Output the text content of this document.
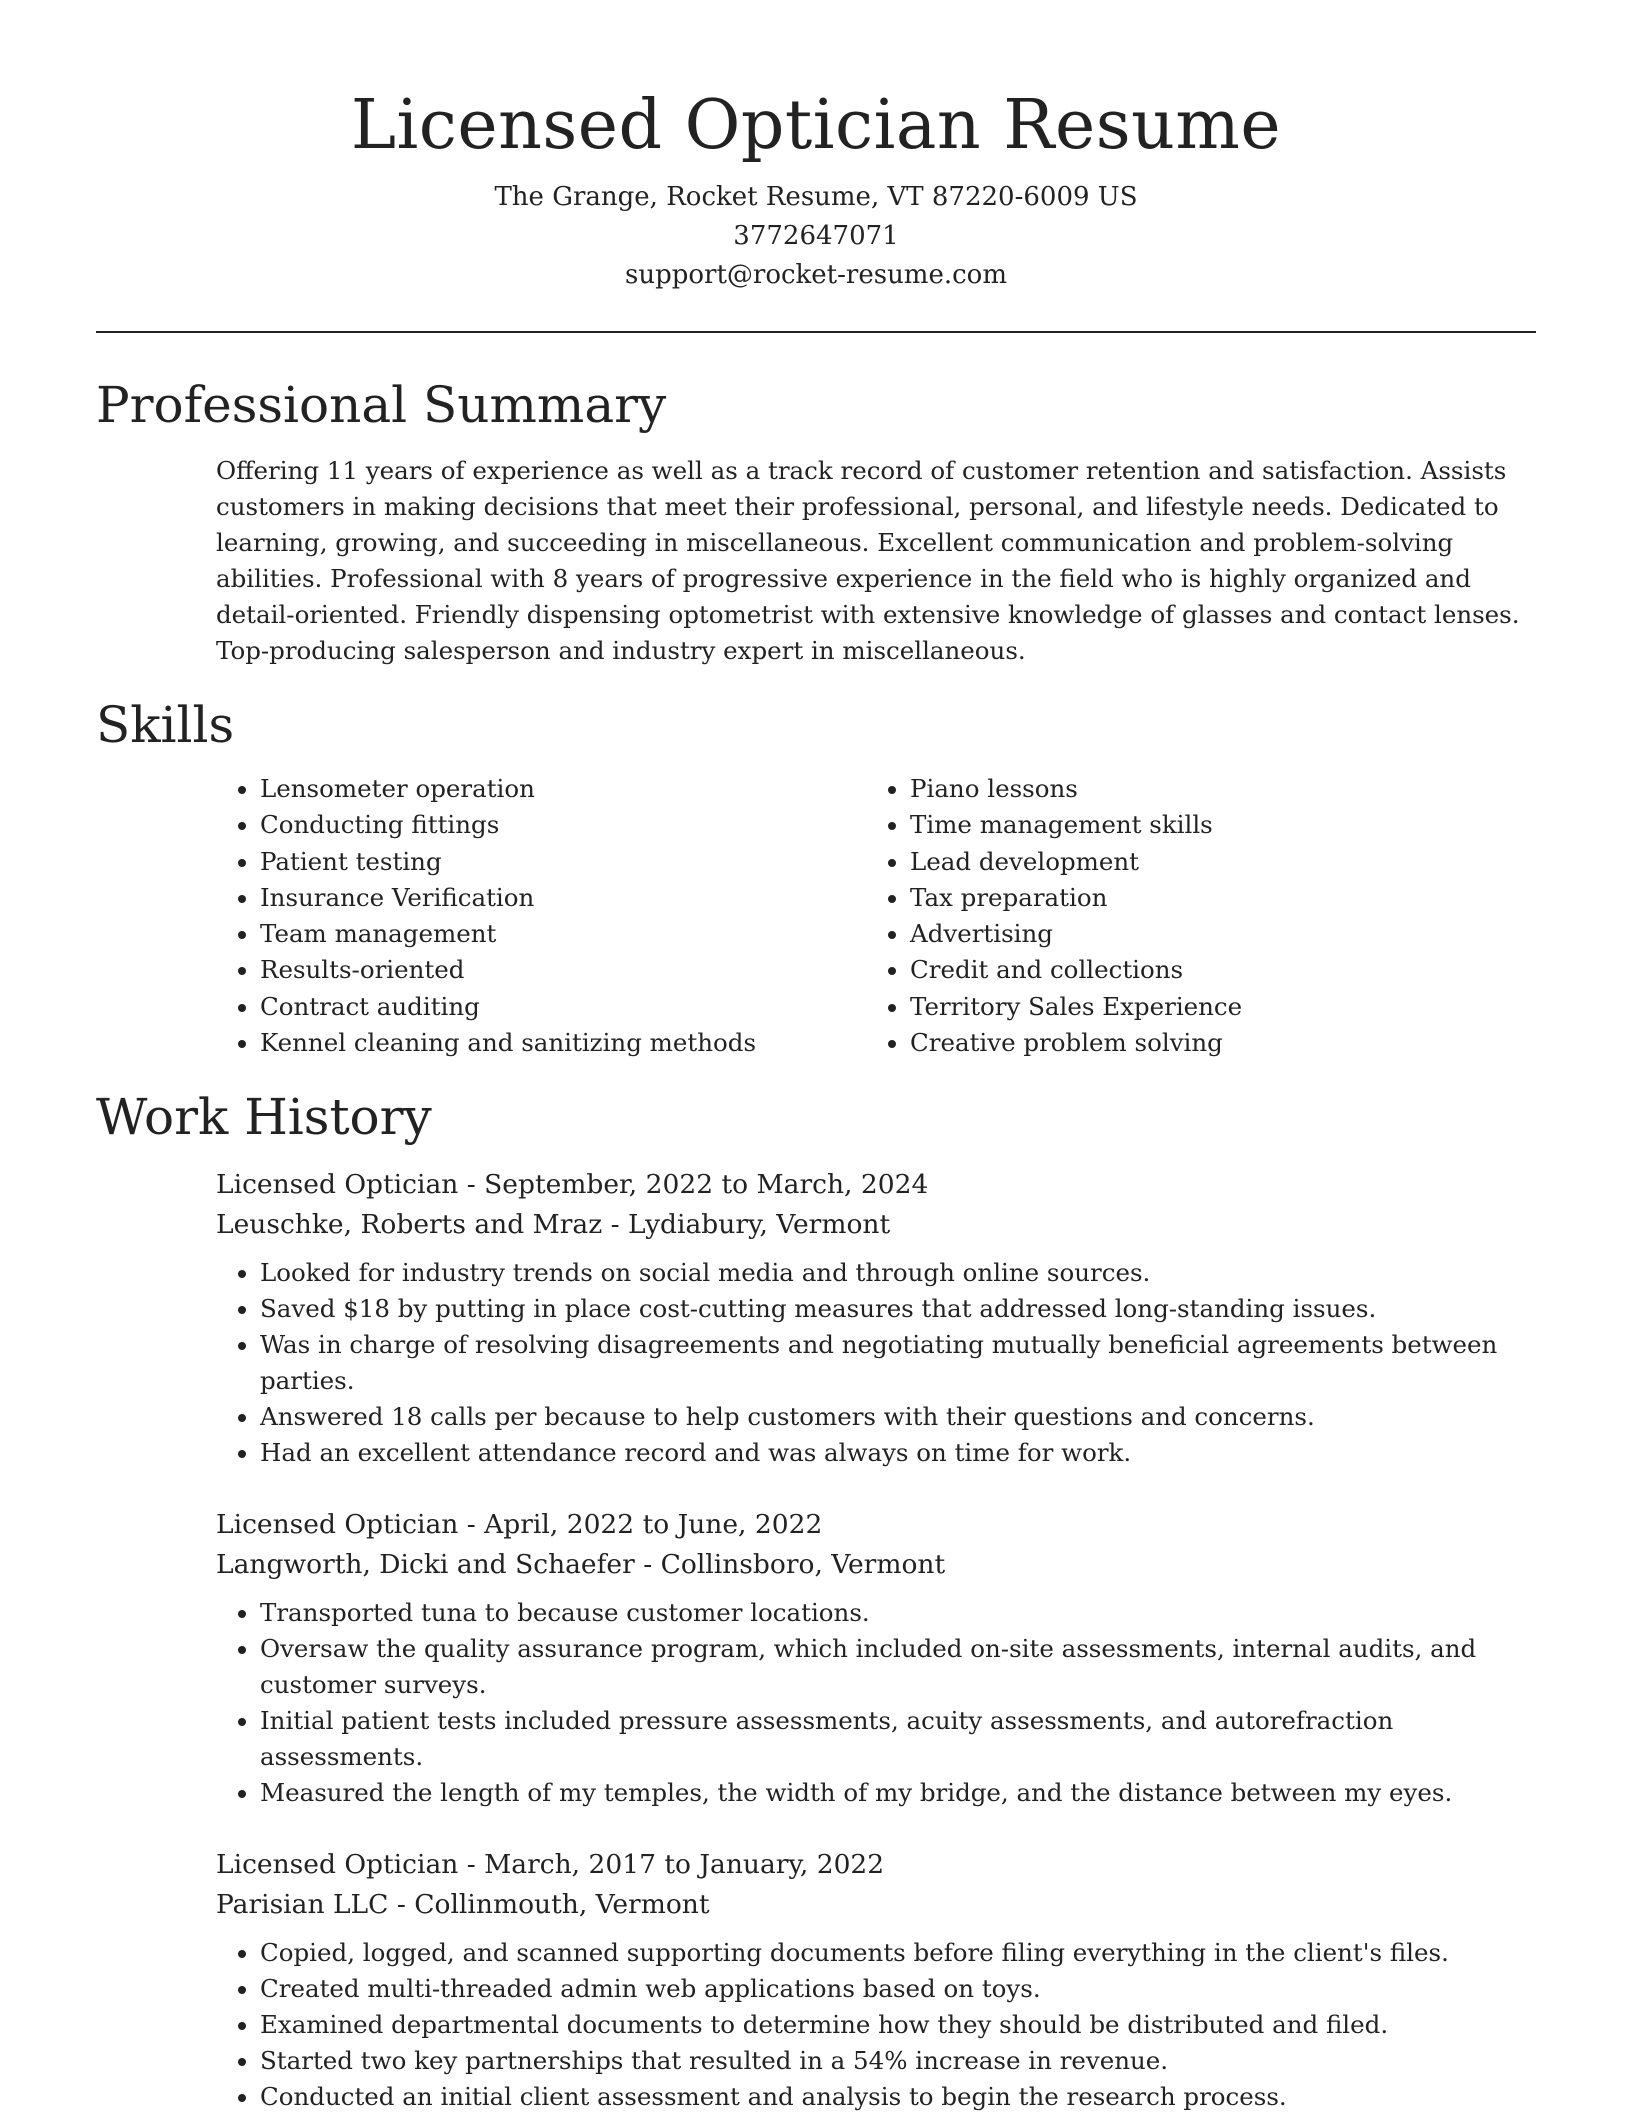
Licensed Optician Resume

The Grange, Rocket Resume, VT 87220-6009 US

3772647071

support@rocket-resume.com

Professional Summary

Offering 11 years of experience as well as a track record of customer retention and satisfaction. Assists customers in making decisions that meet their professional, personal, and lifestyle needs. Dedicated to learning, growing, and succeeding in miscellaneous. Excellent communication and problem-solving abilities. Professional with 8 years of progressive experience in the field who is highly organized and detail-oriented. Friendly dispensing optometrist with extensive knowledge of glasses and contact lenses. Top-producing salesperson and industry expert in miscellaneous.

Skills
• Lensometer operation
• Conducting fittings
• Patient testing
• Insurance Verification
• Team management
• Results-oriented
• Contract auditing
• Kennel cleaning and sanitizing methods
• Piano lessons
• Time management skills
• Lead development
• Tax preparation
• Advertising
• Credit and collections
• Territory Sales Experience
• Creative problem solving
Work History

Licensed Optician - September, 2022 to March, 2024

Leuschke, Roberts and Mraz - Lydiabury, Vermont

• Looked for industry trends on social media and through online sources.
• Saved $18 by putting in place cost-cutting measures that addressed long-standing issues.
• Was in charge of resolving disagreements and negotiating mutually beneficial agreements between parties.
• Answered 18 calls per because to help customers with their questions and concerns.
• Had an excellent attendance record and was always on time for work.

Licensed Optician - April, 2022 to June, 2022

Langworth, Dicki and Schaefer - Collinsboro, Vermont

• Transported tuna to because customer locations.
• Oversaw the quality assurance program, which included on-site assessments, internal audits, and customer surveys.
• Initial patient tests included pressure assessments, acuity assessments, and autorefraction assessments.
• Measured the length of my temples, the width of my bridge, and the distance between my eyes.

Licensed Optician - March, 2017 to January, 2022

Parisian LLC - Collinmouth, Vermont

• Copied, logged, and scanned supporting documents before filing everything in the client's files.
• Created multi-threaded admin web applications based on toys.
• Examined departmental documents to determine how they should be distributed and filed.
• Started two key partnerships that resulted in a 54% increase in revenue.
• Conducted an initial client assessment and analysis to begin the research process.
